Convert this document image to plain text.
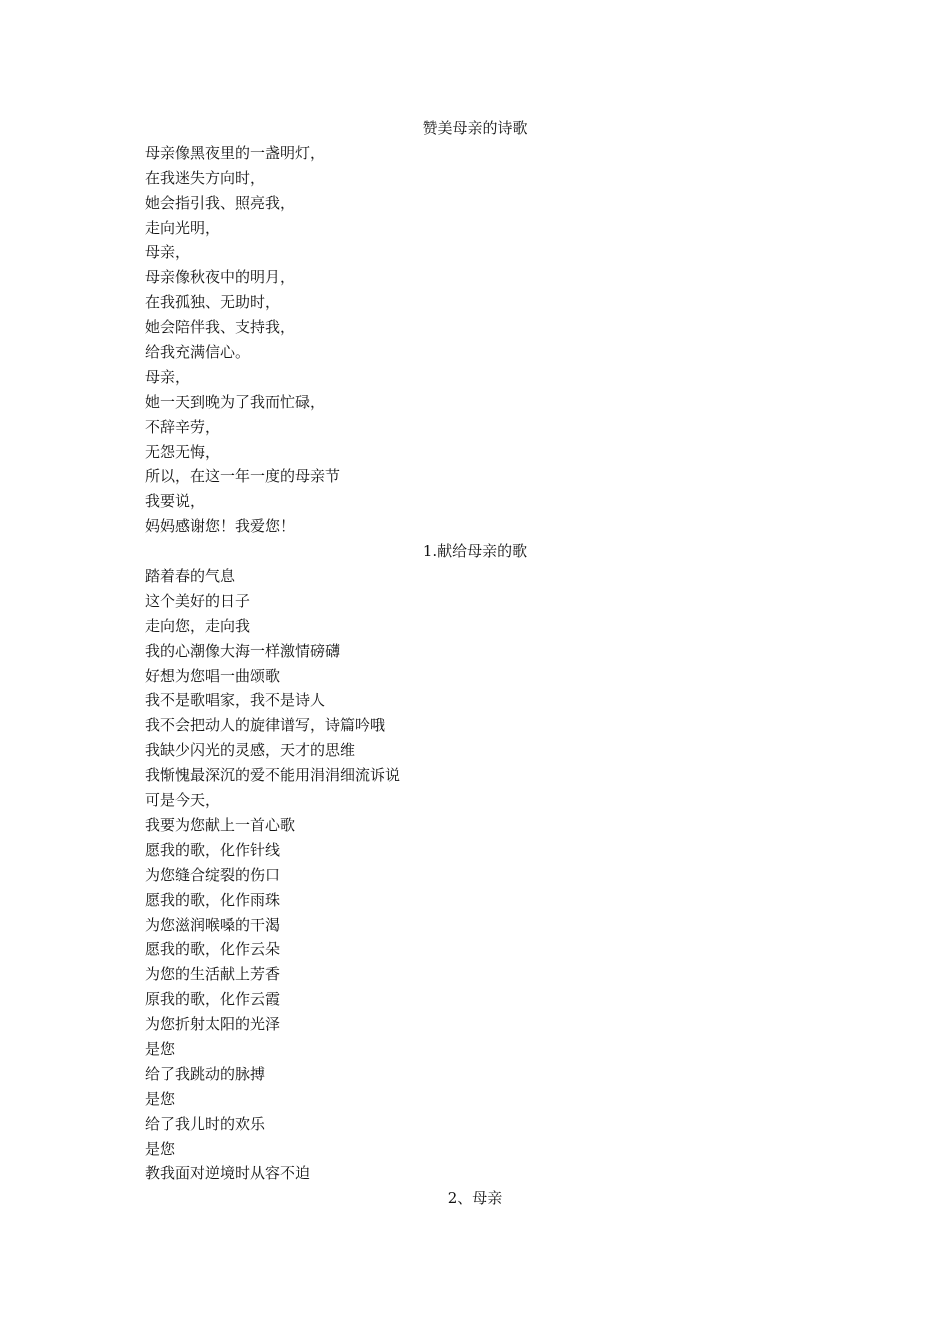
赞美母亲的诗歌
母亲像黑夜里的一盏明灯，
在我迷失方向时，
她会指引我、照亮我，
走向光明，
母亲，
母亲像秋夜中的明月，
在我孤独、无助时，
她会陪伴我、支持我，
给我充满信心。
母亲，
她一天到晚为了我而忙碌，
不辞辛劳，
无怨无悔，
所以，在这一年一度的母亲节
我要说，
妈妈感谢您！我爱您！
1.献给母亲的歌
踏着春的气息
这个美好的日子
走向您，走向我
我的心潮像大海一样激情磅礴
好想为您唱一曲颂歌
我不是歌唱家，我不是诗人
我不会把动人的旋律谱写，诗篇吟哦
我缺少闪光的灵感，天才的思维
我惭愧最深沉的爱不能用涓涓细流诉说
可是今天，
我要为您献上一首心歌
愿我的歌，化作针线
为您缝合绽裂的伤口
愿我的歌，化作雨珠
为您滋润喉嗓的干渴
愿我的歌，化作云朵
为您的生活献上芳香
原我的歌，化作云霞
为您折射太阳的光泽
是您
给了我跳动的脉搏
是您
给了我儿时的欢乐
是您
教我面对逆境时从容不迫
2、母亲
